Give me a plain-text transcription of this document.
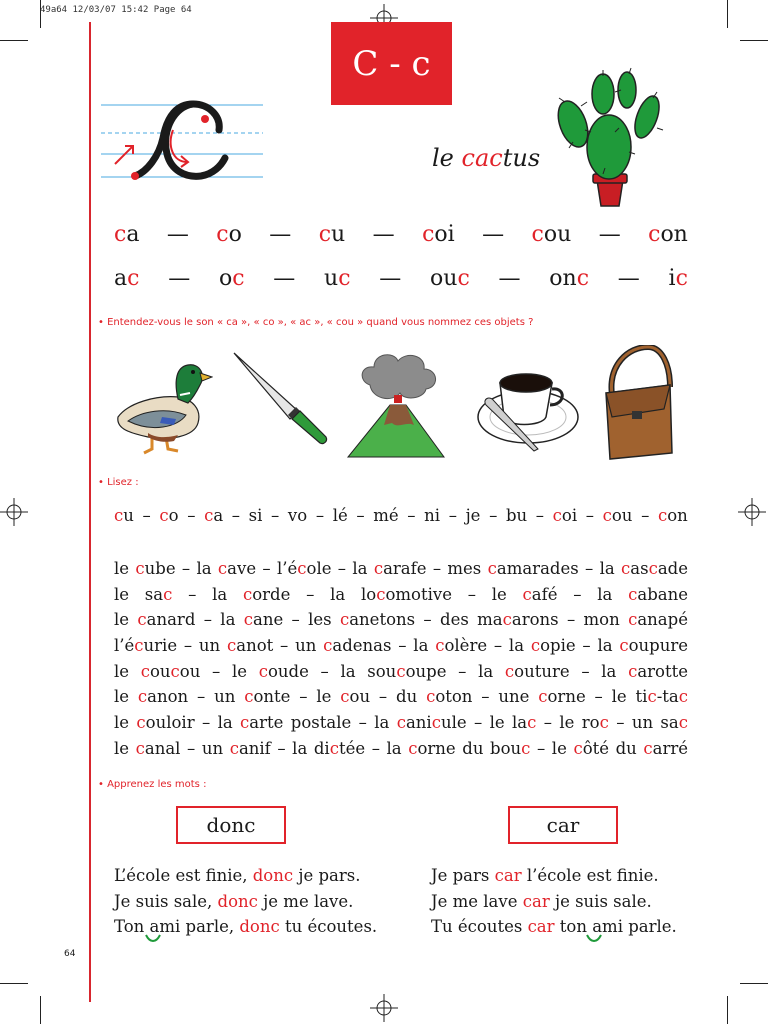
49a64 12/03/07 15:42 Page 64
C - c
le cactus
ca — co — cu — coi — cou — con
ac — oc — uc — ouc — onc — ic
• Entendez-vous le son « ca », « co », « ac », « cou » quand vous nommez ces objets ?
• Lisez :
cu – co – ca – si – vo – lé – mé – ni – je – bu – coi – cou – con
le cube – la cave – l’école – la carafe – mes camarades – la cascade
le sac – la corde – la locomotive – le café – la cabane
le canard – la cane – les canetons – des macarons – mon canapé
l’écurie – un canot – un cadenas – la colère – la copie – la coupure
le coucou – le coude – la soucoupe – la couture – la carotte
le canon – un conte – le cou – du coton – une corne – le tic-tac
le couloir – la carte postale – la canicule – le lac – le roc – un sac
le canal – un canif – la dictée – la corne du bouc – le côté du carré
• Apprenez les mots :
donc	car
L’école est finie, donc je pars.
Je suis sale, donc je me lave.
Ton ami parle, donc tu écoutes.
Je pars car l’école est finie.
Je me lave car je suis sale.
Tu écoutes car ton ami parle.
64
